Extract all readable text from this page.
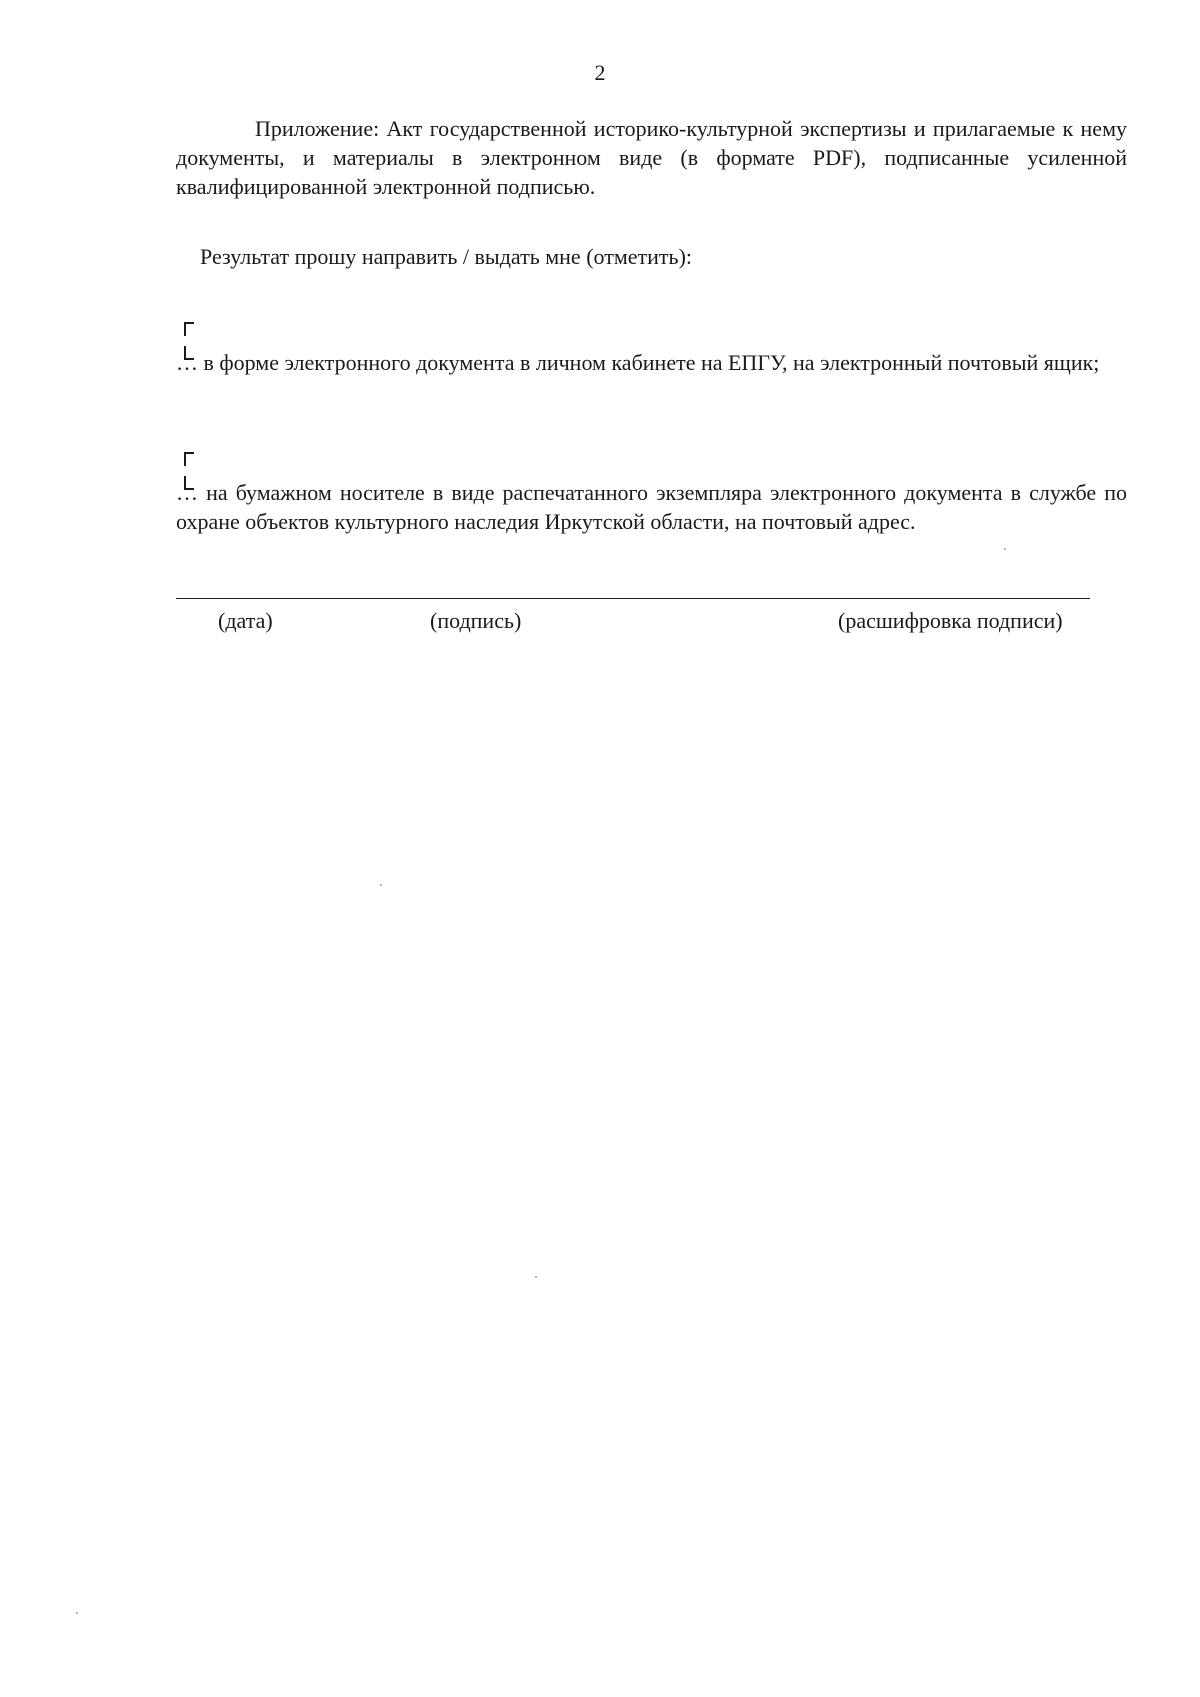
2
Приложение: Акт государственной историко-культурной экспертизы и прилагаемые к нему документы, и материалы в электронном виде (в формате PDF), подписанные усиленной квалифицированной электронной подписью.
Результат прошу направить / выдать мне (отметить):
… в форме электронного документа в личном кабинете на ЕПГУ, на электронный почтовый ящик;
… на бумажном носителе в виде распечатанного экземпляра электронного документа в службе по охране объектов культурного наследия Иркутской области, на почтовый адрес.
(дата)	(подпись)	(расшифровка подписи)
